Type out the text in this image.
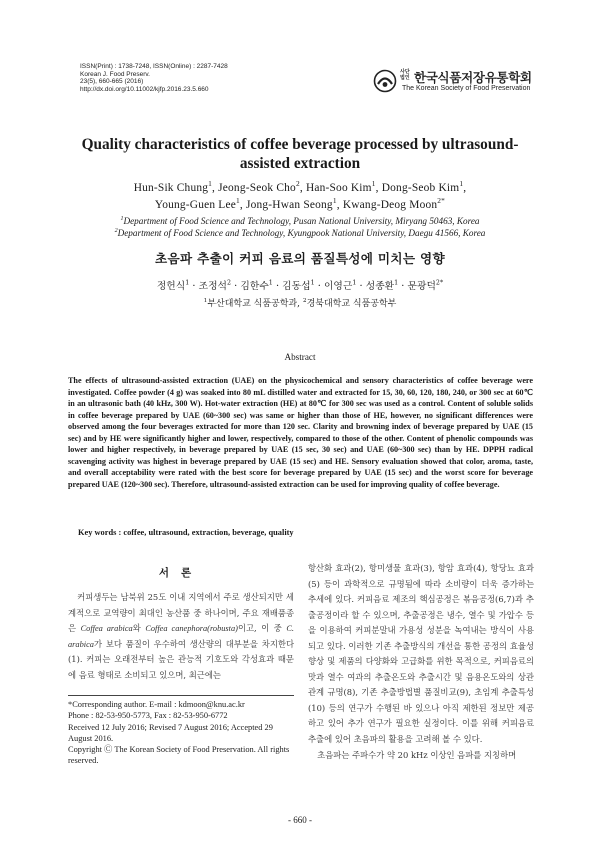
ISSN(Print) : 1738-7248, ISSN(Online) : 2287-7428
Korean J. Food Preserv.
23(5), 660-665 (2016)
http://dx.doi.org/10.11002/kjfp.2016.23.5.660
사단 법인 한국식품저장유통학회
The Korean Society of Food Preservation
Quality characteristics of coffee beverage processed by ultrasound-assisted extraction
Hun-Sik Chung$^1$, Jeong-Seok Cho$^2$, Han-Soo Kim$^1$, Dong-Seob Kim$^1$,
Young-Guen Lee$^1$, Jong-Hwan Seong$^1$, Kwang-Deog Moon$^{2*}$
$^1$Department of Food Science and Technology, Pusan National University, Miryang 50463, Korea
$^2$Department of Food Science and Technology, Kyungpook National University, Daegu 41566, Korea
초음파 추출이 커피 음료의 품질특성에 미치는 영향
정헌식$^1$ · 조정석$^2$ · 김한수$^1$ · 김동섭$^1$ · 이영근$^1$ · 성종환$^1$ · 문광덕$^{2*}$
$^1$부산대학교 식품공학과, $^2$경북대학교 식품공학부
Abstract
The effects of ultrasound-assisted extraction (UAE) on the physicochemical and sensory characteristics of coffee beverage were investigated. Coffee powder (4 g) was soaked into 80 mL distilled water and extracted for 15, 30, 60, 120, 180, 240, or 300 sec at 60℃ in an ultrasonic bath (40 kHz, 300 W). Hot-water extraction (HE) at 80℃ for 300 sec was used as a control. Content of soluble solids in coffee beverage prepared by UAE (60~300 sec) was same or higher than those of HE, however, no significant differences were observed among the four beverages extracted for more than 120 sec. Clarity and browning index of beverage prepared by UAE (15 sec) and by HE were significantly higher and lower, respectively, compared to those of the other. Content of phenolic compounds was lower and higher respectively, in beverage prepared by UAE (15 sec, 30 sec) and UAE (60~300 sec) than by HE. DPPH radical scavenging activity was highest in beverage prepared by UAE (15 sec) and HE. Sensory evaluation showed that color, aroma, taste, and overall acceptability were rated with the best score for beverage prepared by UAE (15 sec) and the worst score for beverage prepared UAE (120~300 sec). Therefore, ultrasound-assisted extraction can be used for improving quality of coffee beverage.
Key words : coffee, ultrasound, extraction, beverage, quality
서론

커피생두는 남북위 25도 이내 지역에서 주로 생산되지만 세계적으로 교역량이 최대인 농산품 중 하나이며, 주요 재배품종은 Coffea arabica와 Coffea canephora(robusta)이고, 이 중 C. arabica가 보다 품질이 우수하여 생산량의 대부분을 차지한다(1). 커피는 오래전부터 높은 관능적 기호도와 각성효과 때문에 음료 형태로 소비되고 있으며, 최근에는

*Corresponding author. E-mail : kdmoon@knu.ac.kr
Phone : 82-53-950-5773, Fax : 82-53-950-6772
Received 12 July 2016; Revised 7 August 2016; Accepted 29 August 2016.
Copyright Ⓒ The Korean Society of Food Preservation. All rights reserved.

항산화 효과(2), 항미생물 효과(3), 항암 효과(4), 항당뇨 효과(5) 등이 과학적으로 규명됨에 따라 소비량이 더욱 증가하는 추세에 있다. 커피음료 제조의 핵심공정은 볶음공정(6,7)과 추출공정이라 할 수 있으며, 추출공정은 냉수, 열수 및 가압수 등을 이용하여 커피분말내 가용성 성분을 녹여내는 방식이 사용되고 있다. 이러한 기존 추출방식의 개선을 통한 공정의 효율성 향상 및 제품의 다양화와 고급화를 위한 목적으로, 커피음료의 맛과 열수 여과의 추출온도와 추출시간 및 음용온도와의 상관관계 규명(8), 기존 추출방법별 품질비교(9), 초임계 추출특성(10) 등의 연구가 수행된 바 있으나 아직 제한된 정보만 제공하고 있어 추가 연구가 필요한 실정이다. 이를 위해 커피음료 추출에 있어 초음파의 활용을 고려해 볼 수 있다.

초음파는 주파수가 약 20 kHz 이상인 음파를 지칭하며

- 660 -
